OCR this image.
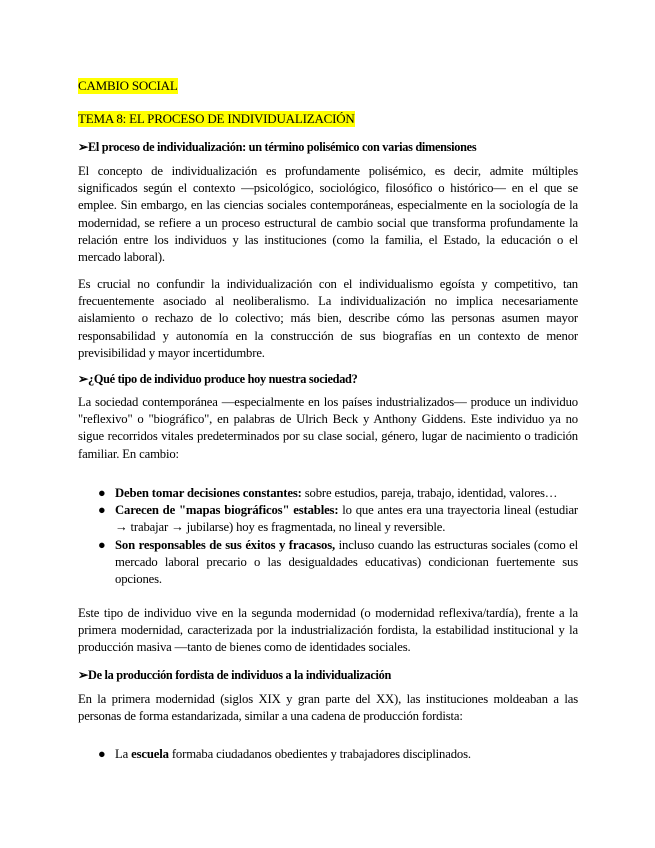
CAMBIO SOCIAL
TEMA 8: EL PROCESO DE INDIVIDUALIZACIÓN

➢El proceso de individualización: un término polisémico con varias dimensiones

El concepto de individualización es profundamente polisémico, es decir, admite múltiples significados según el contexto —psicológico, sociológico, filosófico o histórico— en el que se emplee. Sin embargo, en las ciencias sociales contemporáneas, especialmente en la sociología de la modernidad, se refiere a un proceso estructural de cambio social que transforma profundamente la relación entre los individuos y las instituciones (como la familia, el Estado, la educación o el mercado laboral).

Es crucial no confundir la individualización con el individualismo egoísta y competitivo, tan frecuentemente asociado al neoliberalismo. La individualización no implica necesariamente aislamiento o rechazo de lo colectivo; más bien, describe cómo las personas asumen mayor responsabilidad y autonomía en la construcción de sus biografías en un contexto de menor previsibilidad y mayor incertidumbre.

➢¿Qué tipo de individuo produce hoy nuestra sociedad?

La sociedad contemporánea —especialmente en los países industrializados— produce un individuo "reflexivo" o "biográfico", en palabras de Ulrich Beck y Anthony Giddens. Este individuo ya no sigue recorridos vitales predeterminados por su clase social, género, lugar de nacimiento o tradición familiar. En cambio:

● Deben tomar decisiones constantes: sobre estudios, pareja, trabajo, identidad, valores…
● Carecen de "mapas biográficos" estables: lo que antes era una trayectoria lineal (estudiar → trabajar → jubilarse) hoy es fragmentada, no lineal y reversible.
● Son responsables de sus éxitos y fracasos, incluso cuando las estructuras sociales (como el mercado laboral precario o las desigualdades educativas) condicionan fuertemente sus opciones.

Este tipo de individuo vive en la segunda modernidad (o modernidad reflexiva/tardía), frente a la primera modernidad, caracterizada por la industrialización fordista, la estabilidad institucional y la producción masiva —tanto de bienes como de identidades sociales.

➢De la producción fordista de individuos a la individualización

En la primera modernidad (siglos XIX y gran parte del XX), las instituciones moldeaban a las personas de forma estandarizada, similar a una cadena de producción fordista:

● La escuela formaba ciudadanos obedientes y trabajadores disciplinados.
